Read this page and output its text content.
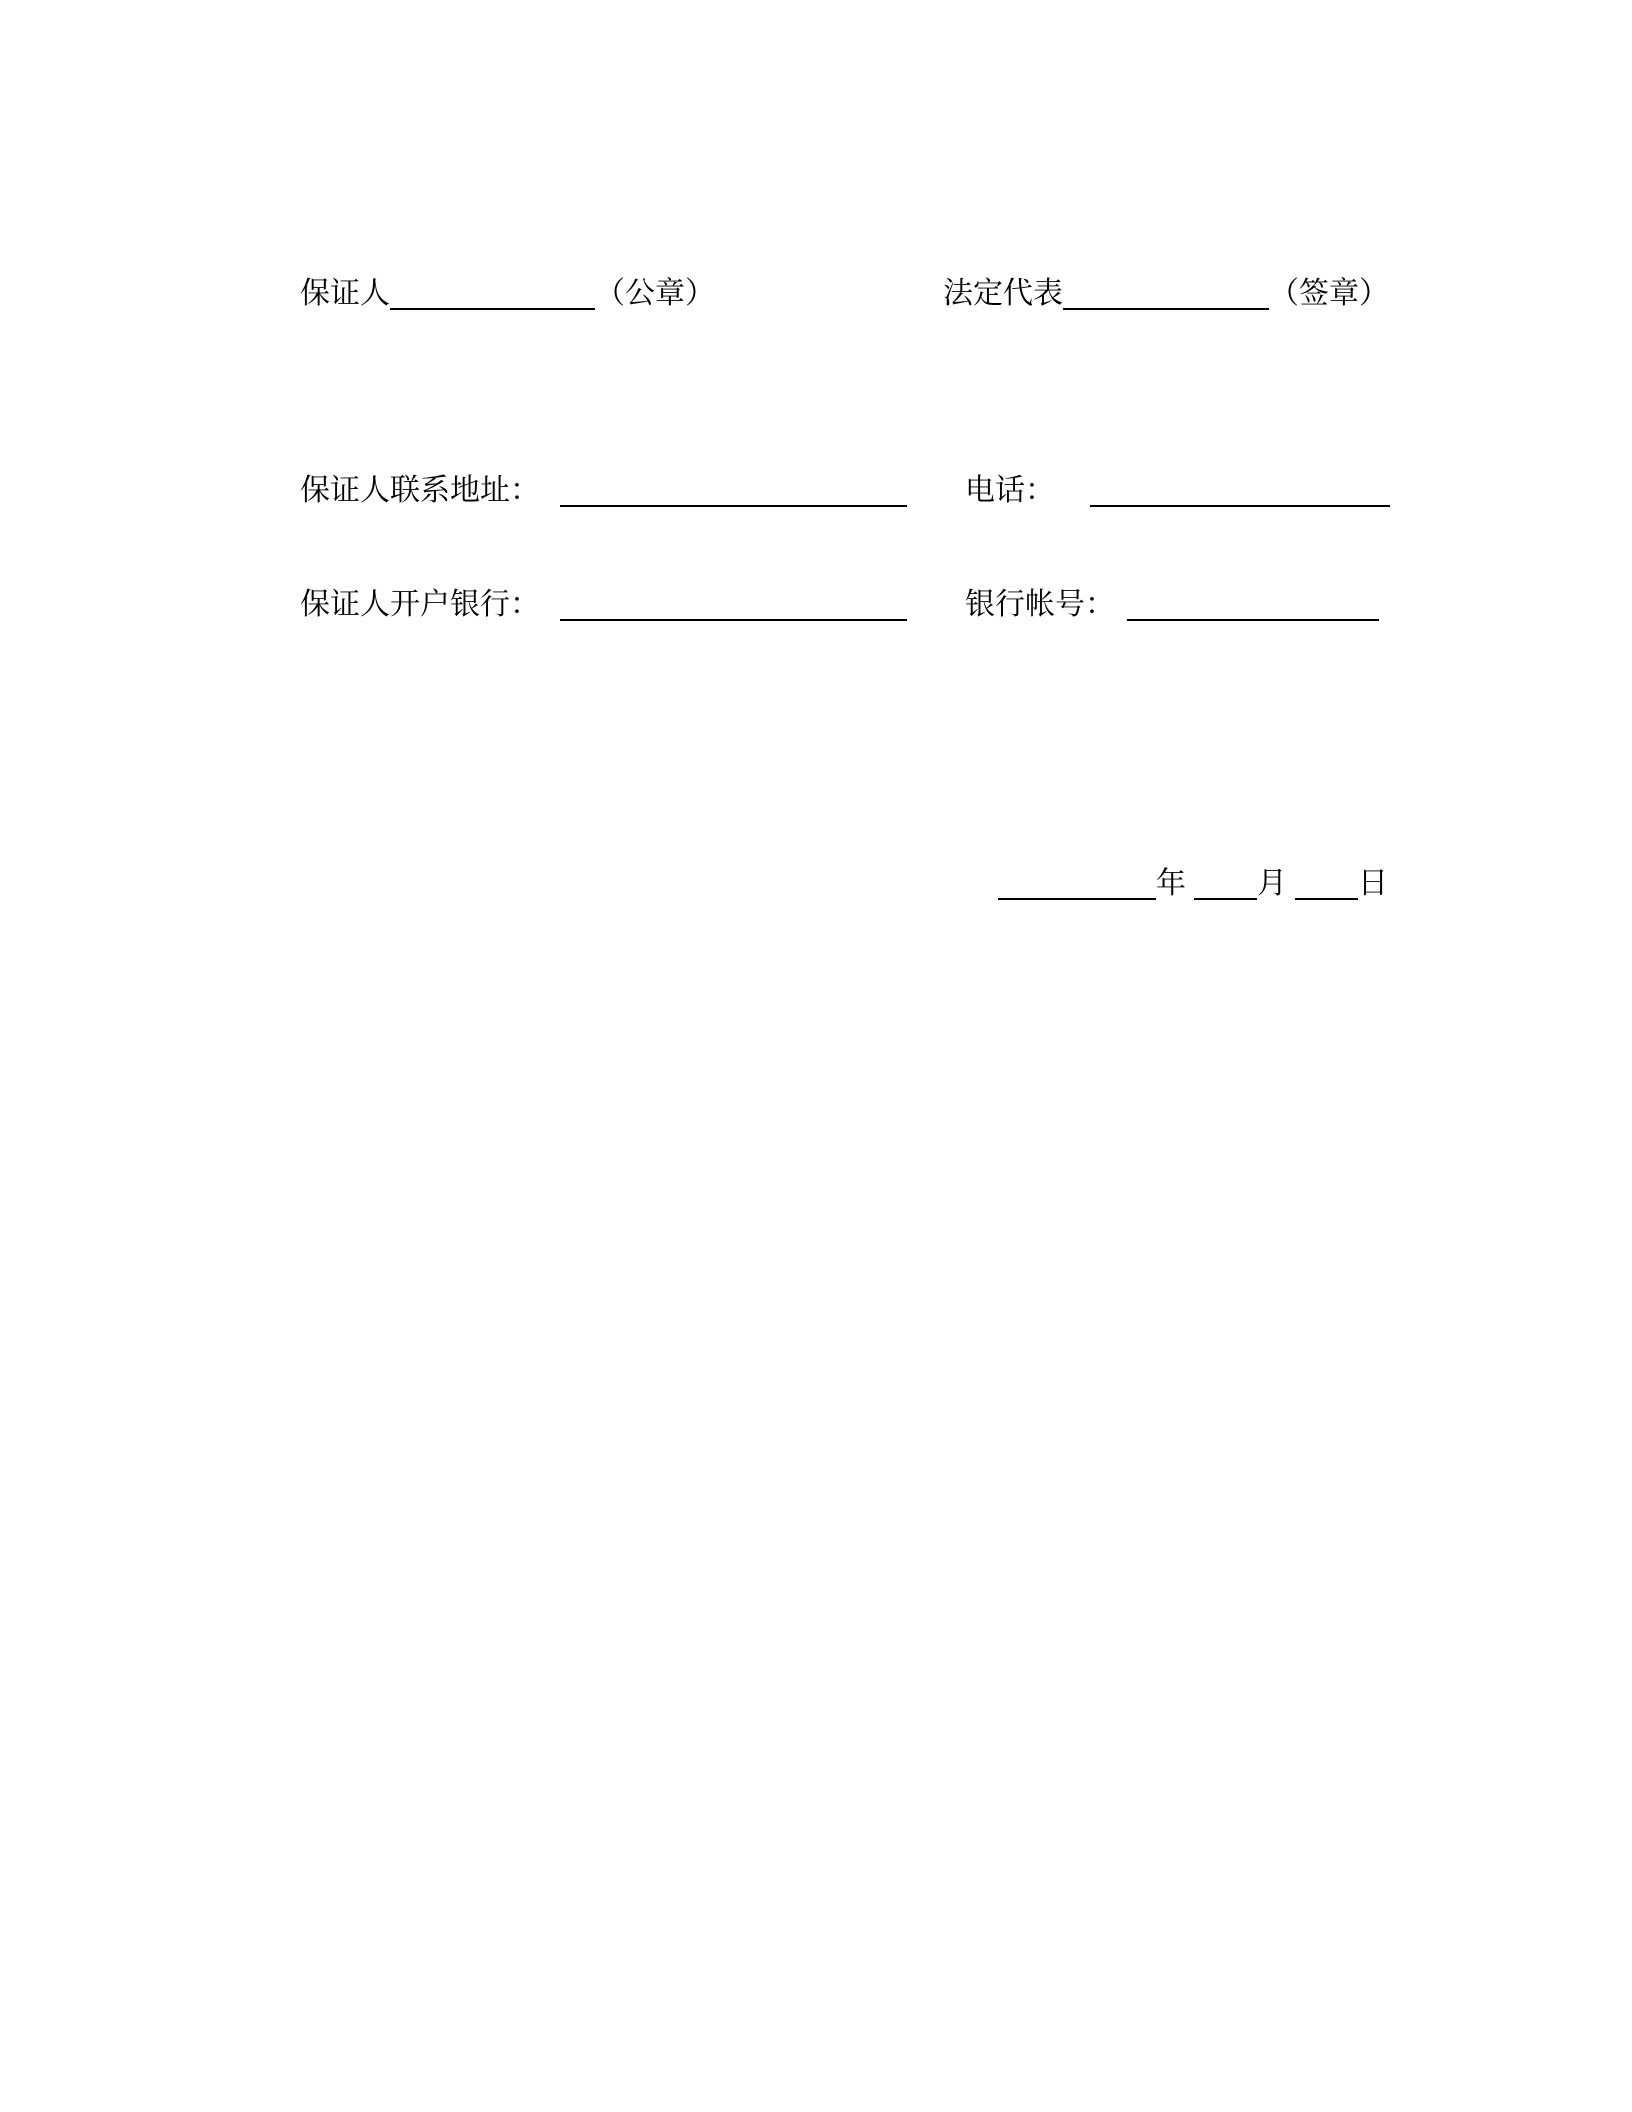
保证人	（公章）	法定代表	（签章）
保证人联系地址：	电话：
保证人开户银行：	银行帐号：
年 月 日
